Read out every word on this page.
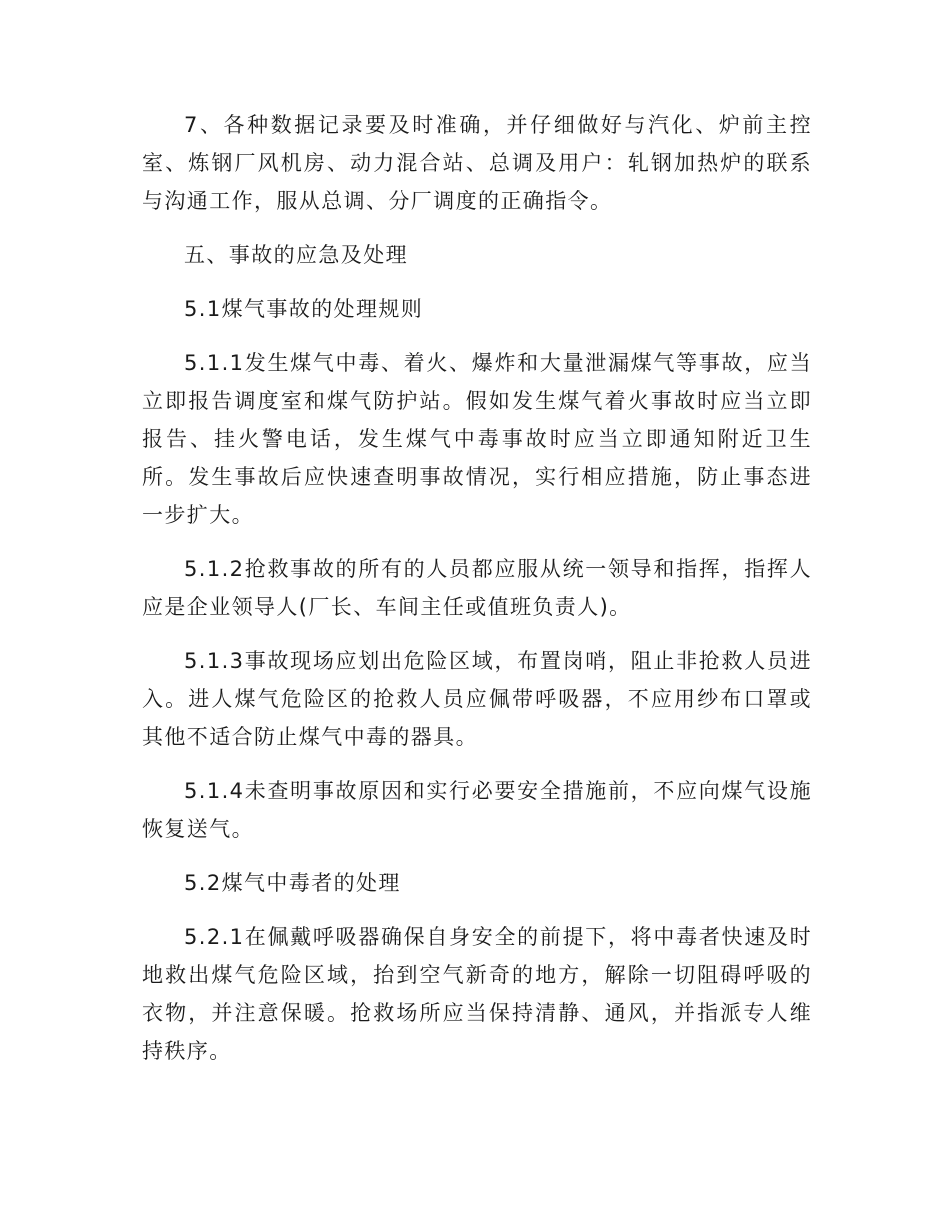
7、各种数据记录要及时准确，并仔细做好与汽化、炉前主控室、炼钢厂风机房、动力混合站、总调及用户：轧钢加热炉的联系与沟通工作，服从总调、分厂调度的正确指令。

五、事故的应急及处理

5.1煤气事故的处理规则

5.1.1发生煤气中毒、着火、爆炸和大量泄漏煤气等事故，应当立即报告调度室和煤气防护站。假如发生煤气着火事故时应当立即报告、挂火警电话，发生煤气中毒事故时应当立即通知附近卫生所。发生事故后应快速查明事故情况，实行相应措施，防止事态进一步扩大。

5.1.2抢救事故的所有的人员都应服从统一领导和指挥，指挥人应是企业领导人(厂长、车间主任或值班负责人)。

5.1.3事故现场应划出危险区域，布置岗哨，阻止非抢救人员进入。进人煤气危险区的抢救人员应佩带呼吸器，不应用纱布口罩或其他不适合防止煤气中毒的器具。

5.1.4未查明事故原因和实行必要安全措施前，不应向煤气设施恢复送气。

5.2煤气中毒者的处理

5.2.1在佩戴呼吸器确保自身安全的前提下，将中毒者快速及时地救出煤气危险区域，抬到空气新奇的地方，解除一切阻碍呼吸的衣物，并注意保暖。抢救场所应当保持清静、通风，并指派专人维持秩序。
